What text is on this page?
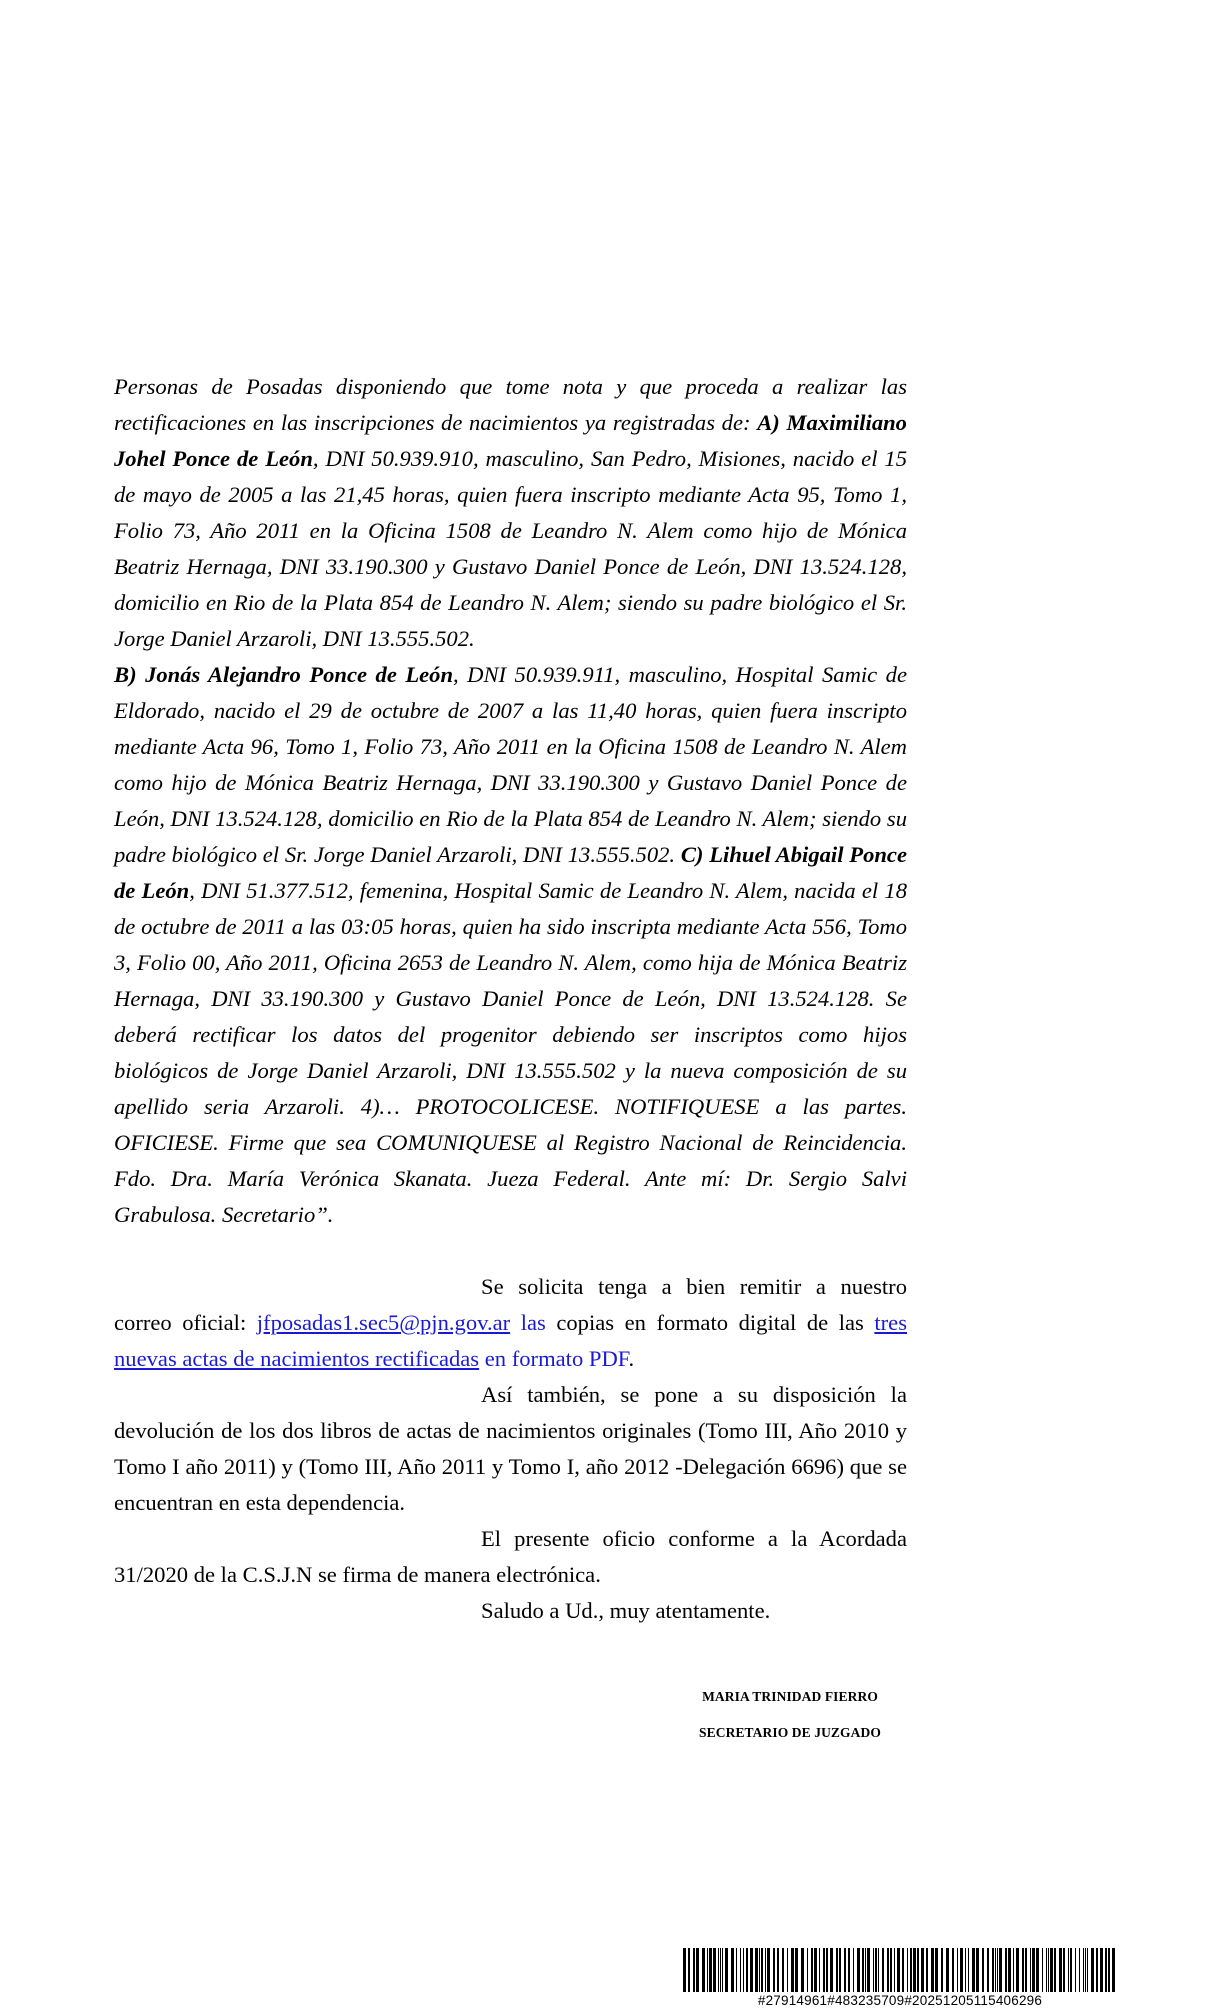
Personas de Posadas disponiendo que tome nota y que proceda a realizar las rectificaciones en las inscripciones de nacimientos ya registradas de: A) Maximiliano Johel Ponce de León, DNI 50.939.910, masculino, San Pedro, Misiones, nacido el 15 de mayo de 2005 a las 21,45 horas, quien fuera inscripto mediante Acta 95, Tomo 1, Folio 73, Año 2011 en la Oficina 1508 de Leandro N. Alem como hijo de Mónica Beatriz Hernaga, DNI 33.190.300 y Gustavo Daniel Ponce de León, DNI 13.524.128, domicilio en Rio de la Plata 854 de Leandro N. Alem; siendo su padre biológico el Sr. Jorge Daniel Arzaroli, DNI 13.555.502.
B) Jonás Alejandro Ponce de León, DNI 50.939.911, masculino, Hospital Samic de Eldorado, nacido el 29 de octubre de 2007 a las 11,40 horas, quien fuera inscripto mediante Acta 96, Tomo 1, Folio 73, Año 2011 en la Oficina 1508 de Leandro N. Alem como hijo de Mónica Beatriz Hernaga, DNI 33.190.300 y Gustavo Daniel Ponce de León, DNI 13.524.128, domicilio en Rio de la Plata 854 de Leandro N. Alem; siendo su padre biológico el Sr. Jorge Daniel Arzaroli, DNI 13.555.502. C) Lihuel Abigail Ponce de León, DNI 51.377.512, femenina, Hospital Samic de Leandro N. Alem, nacida el 18 de octubre de 2011 a las 03:05 horas, quien ha sido inscripta mediante Acta 556, Tomo 3, Folio 00, Año 2011, Oficina 2653 de Leandro N. Alem, como hija de Mónica Beatriz Hernaga, DNI 33.190.300 y Gustavo Daniel Ponce de León, DNI 13.524.128. Se deberá rectificar los datos del progenitor debiendo ser inscriptos como hijos biológicos de Jorge Daniel Arzaroli, DNI 13.555.502 y la nueva composición de su apellido seria Arzaroli. 4)… PROTOCOLICESE. NOTIFIQUESE a las partes. OFICIESE. Firme que sea COMUNIQUESE al Registro Nacional de Reincidencia. Fdo. Dra. María Verónica Skanata. Jueza Federal. Ante mí: Dr. Sergio Salvi Grabulosa. Secretario”.
Se solicita tenga a bien remitir a nuestro correo oficial: jfposadas1.sec5@pjn.gov.ar las copias en formato digital de las tres nuevas actas de nacimientos rectificadas en formato PDF.
Así también, se pone a su disposición la devolución de los dos libros de actas de nacimientos originales (Tomo III, Año 2010 y Tomo I año 2011) y (Tomo III, Año 2011 y Tomo I, año 2012 -Delegación 6696) que se encuentran en esta dependencia.
El presente oficio conforme a la Acordada 31/2020 de la C.S.J.N se firma de manera electrónica.
Saludo a Ud., muy atentamente.
MARIA TRINIDAD FIERRO
SECRETARIO DE JUZGADO
#27914961#483235709#20251205115406296
